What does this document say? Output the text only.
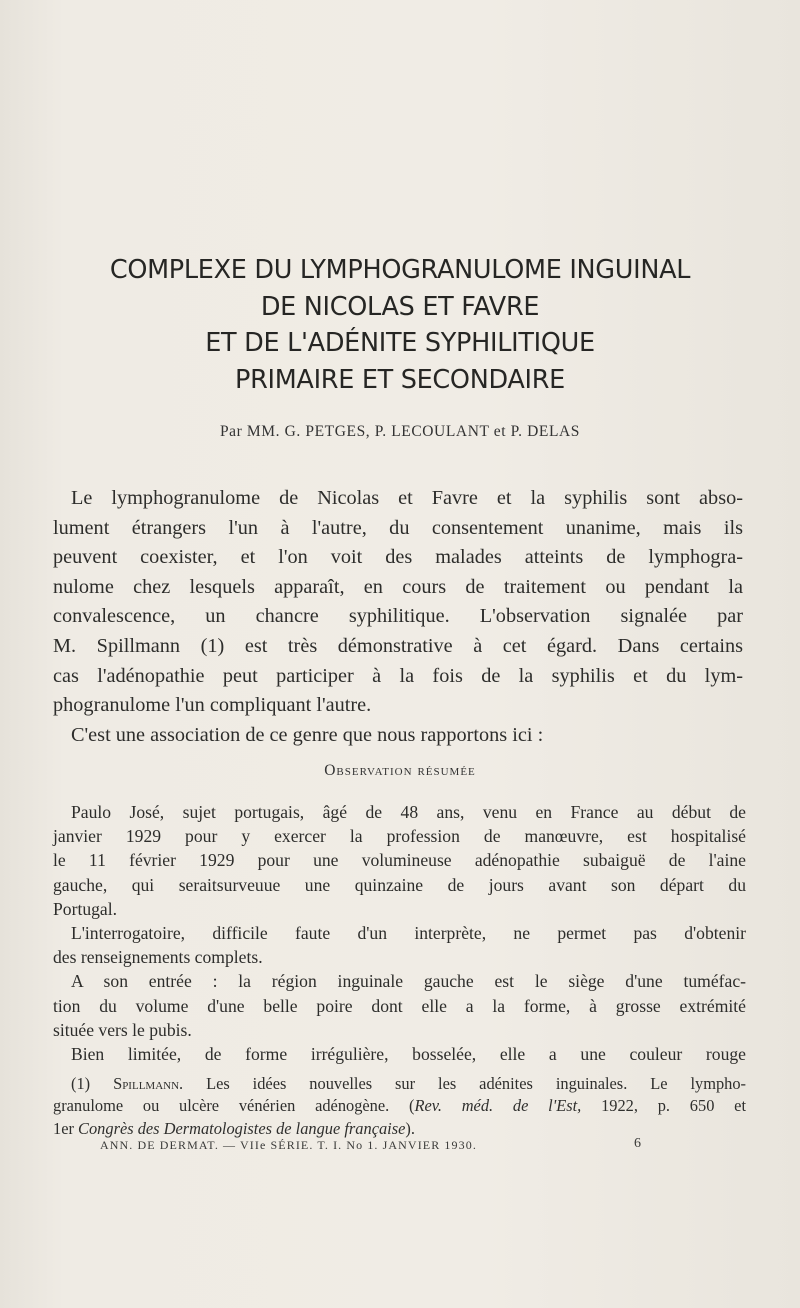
COMPLEXE DU LYMPHOGRANULOME INGUINAL
DE NICOLAS ET FAVRE
ET DE L'ADÉNITE SYPHILITIQUE
PRIMAIRE ET SECONDAIRE
Par MM. G. PETGES, P. LECOULANT et P. DELAS
Le lymphogranulome de Nicolas et Favre et la syphilis sont abso-
lument étrangers l'un à l'autre, du consentement unanime, mais ils
peuvent coexister, et l'on voit des malades atteints de lymphogra-
nulome chez lesquels apparaît, en cours de traitement ou pendant la
convalescence, un chancre syphilitique. L'observation signalée par
M. Spillmann (1) est très démonstrative à cet égard. Dans certains
cas l'adénopathie peut participer à la fois de la syphilis et du lym-
phogranulome l'un compliquant l'autre.
C'est une association de ce genre que nous rapportons ici :
Observation résumée
Paulo José, sujet portugais, âgé de 48 ans, venu en France au début de
janvier 1929 pour y exercer la profession de manœuvre, est hospitalisé
le 11 février 1929 pour une volumineuse adénopathie subaiguë de l'aine
gauche, qui seraitsurveuue une quinzaine de jours avant son départ du
Portugal.
L'interrogatoire, difficile faute d'un interprète, ne permet pas d'obtenir
des renseignements complets.
A son entrée : la région inguinale gauche est le siège d'une tuméfac-
tion du volume d'une belle poire dont elle a la forme, à grosse extrémité
située vers le pubis.
Bien limitée, de forme irrégulière, bosselée, elle a une couleur rouge
(1) Spillmann. Les idées nouvelles sur les adénites inguinales. Le lympho-
granulome ou ulcère vénérien adénogène. (Rev. méd. de l'Est, 1922, p. 650 et
1er Congrès des Dermatologistes de langue française).
ANN. DE DERMAT. — VIIe SÉRIE. T. I. No 1. JANVIER 1930.	6
